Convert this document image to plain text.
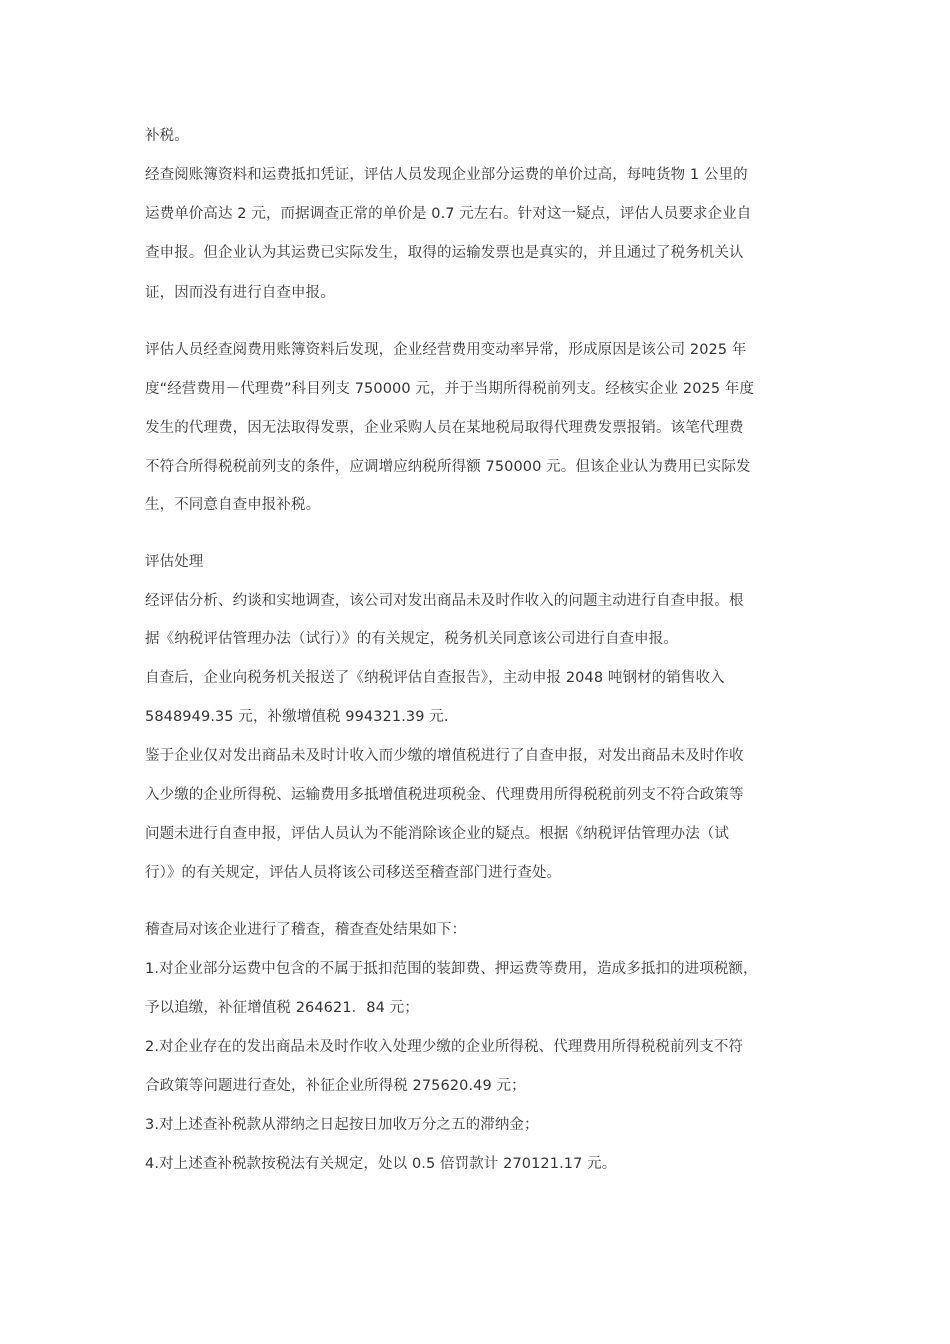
补税。
经查阅账簿资料和运费抵扣凭证，评估人员发现企业部分运费的单价过高，每吨货物 1 公里的
运费单价高达 2 元，而据调查正常的单价是 0.7 元左右。针对这一疑点，评估人员要求企业自
查申报。但企业认为其运费已实际发生，取得的运输发票也是真实的，并且通过了税务机关认
证，因而没有进行自查申报。
评估人员经查阅费用账簿资料后发现，企业经营费用变动率异常，形成原因是该公司 2025 年
度“经营费用－代理费”科目列支 750000 元，并于当期所得税前列支。经核实企业 2025 年度
发生的代理费，因无法取得发票，企业采购人员在某地税局取得代理费发票报销。该笔代理费
不符合所得税税前列支的条件，应调增应纳税所得额 750000 元。但该企业认为费用已实际发
生，不同意自查申报补税。
评估处理
经评估分析、约谈和实地调查，该公司对发出商品未及时作收入的问题主动进行自查申报。根
据《纳税评估管理办法（试行）》的有关规定，税务机关同意该公司进行自查申报。
自查后，企业向税务机关报送了《纳税评估自查报告》，主动申报 2048 吨钢材的销售收入
5848949.35 元，补缴增值税 994321.39 元.
鉴于企业仅对发出商品未及时计收入而少缴的增值税进行了自查申报，对发出商品未及时作收
入少缴的企业所得税、运输费用多抵增值税进项税金、代理费用所得税税前列支不符合政策等
问题未进行自查申报，评估人员认为不能消除该企业的疑点。根据《纳税评估管理办法（试
行）》的有关规定，评估人员将该公司移送至稽查部门进行查处。
稽查局对该企业进行了稽查，稽查查处结果如下：
1.对企业部分运费中包含的不属于抵扣范围的装卸费、押运费等费用，造成多抵扣的进项税额，
予以追缴，补征增值税 264621．84 元；
2.对企业存在的发出商品未及时作收入处理少缴的企业所得税、代理费用所得税税前列支不符
合政策等问题进行查处，补征企业所得税 275620.49 元；
3.对上述查补税款从滞纳之日起按日加收万分之五的滞纳金；
4.对上述查补税款按税法有关规定，处以 0.5 倍罚款计 270121.17 元。
